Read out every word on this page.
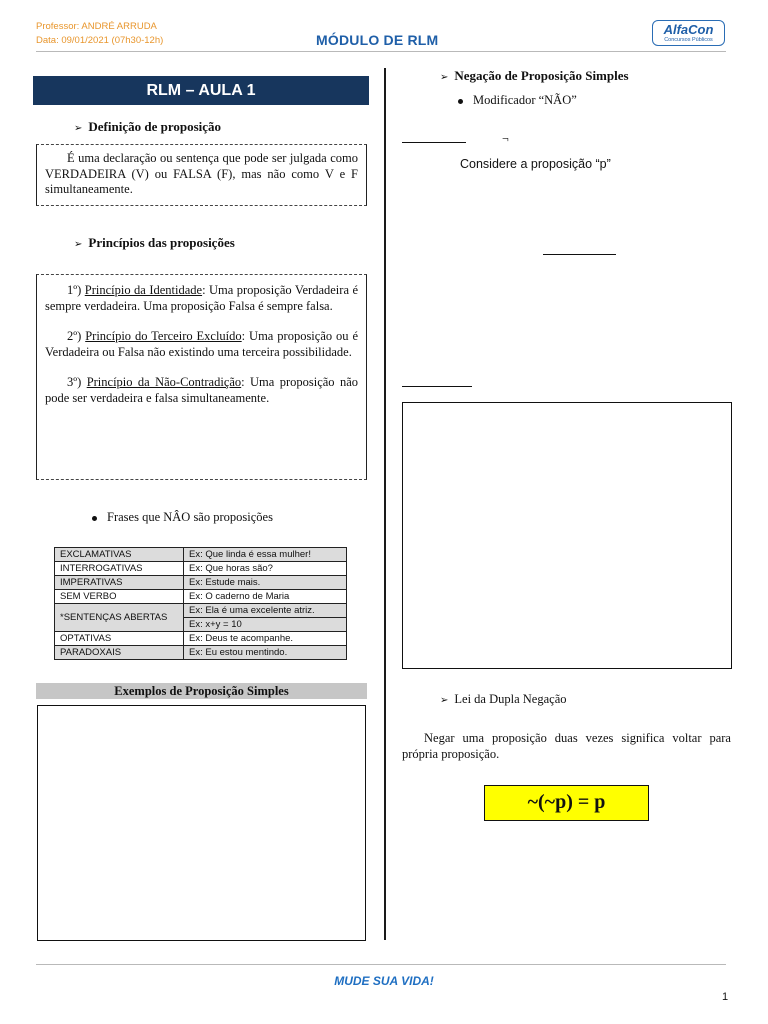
Professor: ANDRÉ ARRUDA
Data: 09/01/2021 (07h30-12h)	MÓDULO DE RLM
AlfaCon
Concursos Públicos
RLM – AULA 1
➢ Definição de proposição

É uma declaração ou sentença que pode ser julgada como VERDADEIRA (V) ou FALSA (F), mas não como V e F simultaneamente.

➢ Princípios das proposições

1º) Princípio da Identidade: Uma proposição Verdadeira é sempre verdadeira. Uma proposição Falsa é sempre falsa.

2º) Princípio do Terceiro Excluído: Uma proposição ou é Verdadeira ou Falsa não existindo uma terceira possibilidade.

3º) Princípio da Não-Contradição: Uma proposição não pode ser verdadeira e falsa simultaneamente.

Frases que NÂO são proposições
EXCLAMATIVAS	Ex: Que linda é essa mulher!
INTERROGATIVAS	Ex: Que horas são?
IMPERATIVAS	Ex: Estude mais.
SEM VERBO	Ex: O caderno de Maria
*SENTENÇAS ABERTAS	Ex: Ela é uma excelente atriz.
	Ex: x+y = 10
OPTATIVAS	Ex: Deus te acompanhe.
PARADOXAIS	Ex: Eu estou mentindo.
Exemplos de Proposição Simples
➢ Negação de Proposição Simples
Modificador “NÃO”
¬
Considere a proposição “p”
➢ Lei da Dupla Negação

Negar uma proposição duas vezes significa voltar para própria proposição.

~(~p) = p
MUDE SUA VIDA!
1
